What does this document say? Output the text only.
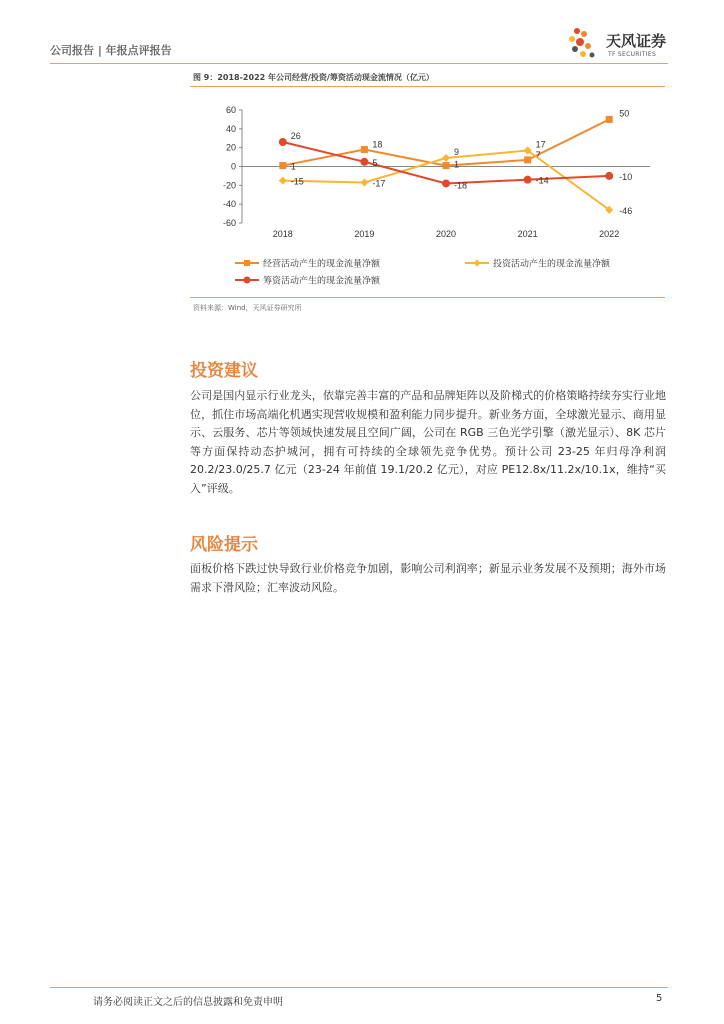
公司报告 | 年报点评报告
天风证券
TF SECURITIES
图 9：2018-2022 年公司经营/投资/筹资活动现金流情况（亿元）
60
40
20
0
-20
-40
-60
2018	2019	2020	2021	2022
1
18
1
7
50
-15	-17
9
17
-46
26
5
-18	-14	-10
经营活动产生的现金流量净额	投资活动产生的现金流量净额
筹资活动产生的现金流量净额
资料来源：Wind，天风证券研究所
投资建议
公司是国内显示行业龙头，依靠完善丰富的产品和品牌矩阵以及阶梯式的价格策略持续夯实行业地位，抓住市场高端化机遇实现营收规模和盈利能力同步提升。新业务方面，全球激光显示、商用显示、云服务、芯片等领域快速发展且空间广阔，公司在 RGB 三色光学引擎（激光显示）、8K 芯片等方面保持动态护城河，拥有可持续的全球领先竞争优势。预计公司 23-25 年归母净利润 20.2/23.0/25.7 亿元（23-24 年前值 19.1/20.2 亿元），对应 PE12.8x/11.2x/10.1x，维持“买入”评级。
风险提示
面板价格下跌过快导致行业价格竞争加剧，影响公司利润率；新显示业务发展不及预期；海外市场需求下滑风险；汇率波动风险。
请务必阅读正文之后的信息披露和免责申明	5
